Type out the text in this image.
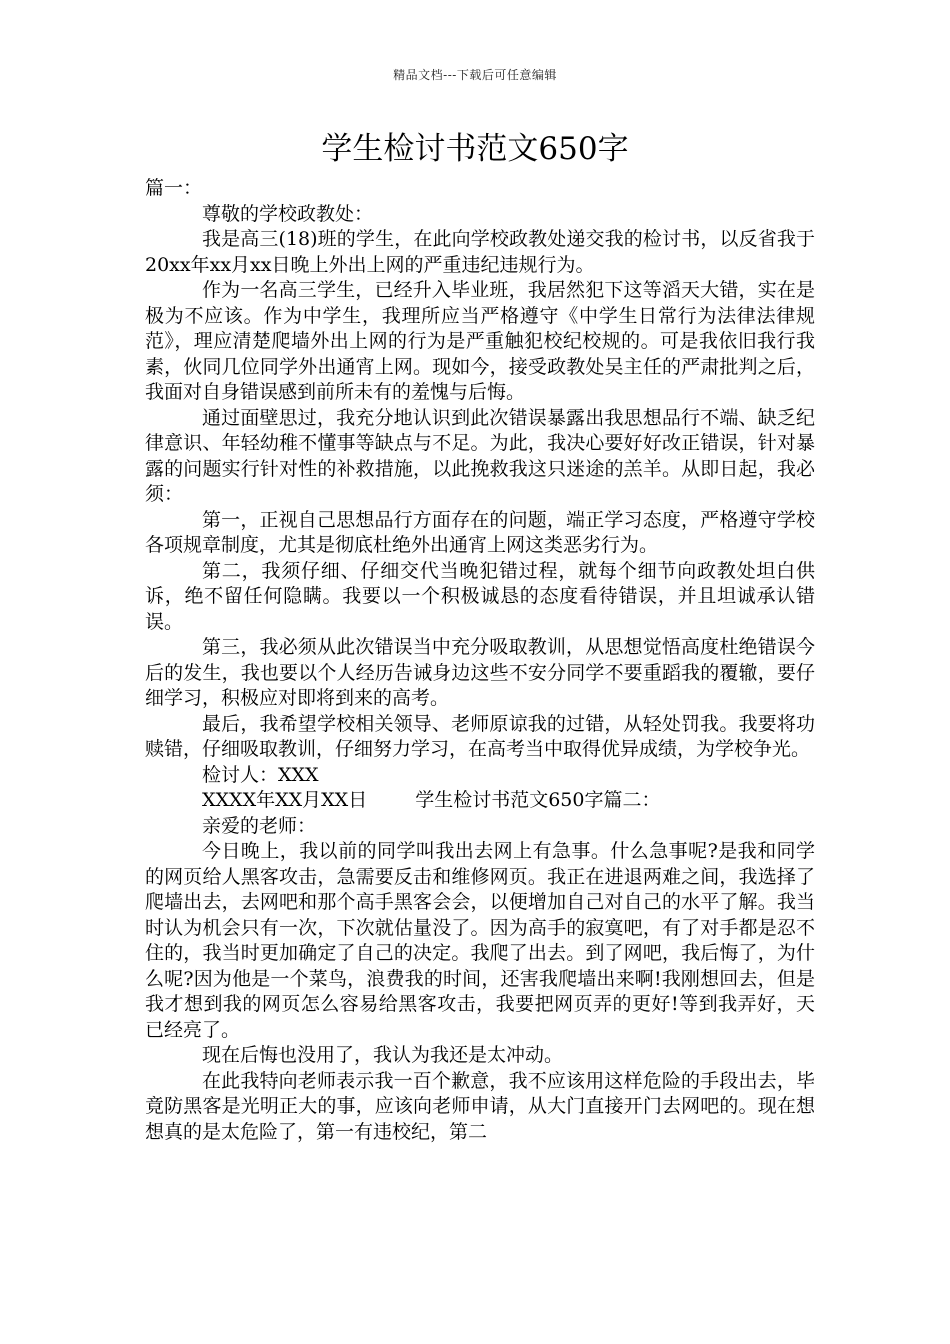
精品文档---下载后可任意编辑
学生检讨书范文650字

篇一：

尊敬的学校政教处：

我是高三(18)班的学生，在此向学校政教处递交我的检讨书，以反省我于20xx年xx月xx日晚上外出上网的严重违纪违规行为。

作为一名高三学生，已经升入毕业班，我居然犯下这等滔天大错，实在是极为不应该。作为中学生，我理所应当严格遵守《中学生日常行为法律法律规范》，理应清楚爬墙外出上网的行为是严重触犯校纪校规的。可是我依旧我行我素，伙同几位同学外出通宵上网。现如今，接受政教处吴主任的严肃批判之后，我面对自身错误感到前所未有的羞愧与后悔。

通过面壁思过，我充分地认识到此次错误暴露出我思想品行不端、缺乏纪律意识、年轻幼稚不懂事等缺点与不足。为此，我决心要好好改正错误，针对暴露的问题实行针对性的补救措施，以此挽救我这只迷途的羔羊。从即日起，我必须：

第一，正视自己思想品行方面存在的问题，端正学习态度，严格遵守学校各项规章制度，尤其是彻底杜绝外出通宵上网这类恶劣行为。

第二，我须仔细、仔细交代当晚犯错过程，就每个细节向政教处坦白供诉，绝不留任何隐瞒。我要以一个积极诚恳的态度看待错误，并且坦诚承认错误。

第三，我必须从此次错误当中充分吸取教训，从思想觉悟高度杜绝错误今后的发生，我也要以个人经历告诫身边这些不安分同学不要重蹈我的覆辙，要仔细学习，积极应对即将到来的高考。

最后，我希望学校相关领导、老师原谅我的过错，从轻处罚我。我要将功赎错，仔细吸取教训，仔细努力学习，在高考当中取得优异成绩，为学校争光。

检讨人：XXX

XXXX年XX月XX日	学生检讨书范文650字篇二：

亲爱的老师：

今日晚上，我以前的同学叫我出去网上有急事。什么急事呢?是我和同学的网页给人黑客攻击，急需要反击和维修网页。我正在进退两难之间，我选择了爬墙出去，去网吧和那个高手黑客会会，以便增加自己对自己的水平了解。我当时认为机会只有一次，下次就估量没了。因为高手的寂寞吧，有了对手都是忍不住的，我当时更加确定了自己的决定。我爬了出去。到了网吧，我后悔了，为什么呢?因为他是一个菜鸟，浪费我的时间，还害我爬墙出来啊!我刚想回去，但是我才想到我的网页怎么容易给黑客攻击，我要把网页弄的更好!等到我弄好，天已经亮了。

现在后悔也没用了，我认为我还是太冲动。

在此我特向老师表示我一百个歉意，我不应该用这样危险的手段出去，毕竟防黑客是光明正大的事，应该向老师申请，从大门直接开门去网吧的。现在想想真的是太危险了，第一有违校纪，第二
